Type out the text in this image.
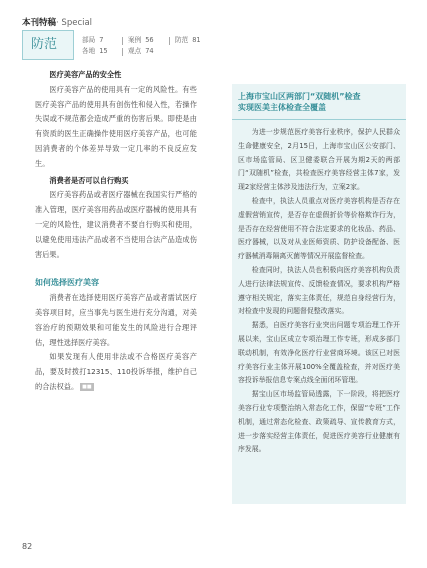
本刊特稿· Special
防范	部局 7	案例 56	防范 81
各地 15	观点 74
医疗美容产品的安全性

医疗美容产品的使用具有一定的风险性。有些医疗美容产品的使用具有创伤性和侵入性，若操作失误或不规范都会造成严重的伤害后果。即使是由有资质的医生正确操作使用医疗美容产品，也可能因消费者的个体差异导致一定几率的不良反应发生。

消费者是否可以自行购买

医疗美容药品或者医疗器械在我国实行严格的准入管理，医疗美容用药品或医疗器械的使用具有一定的风险性，建议消费者不要自行购买和使用，以避免使用违法产品或者不当使用合法产品造成伤害后果。

如何选择医疗美容

消费者在选择使用医疗美容产品或者需试医疗美容项目时，应当事先与医生进行充分沟通，对美容治疗的预期效果和可能发生的风险进行合理评估，理性选择医疗美容。

如果发现有人使用非法或不合格医疗美容产品，要及时拨打12315、110投诉举报，维护自己的合法权益。 ■■

上海市宝山区两部门“双随机”检查
实现医美主体检查全覆盖

为进一步规范医疗美容行业秩序，保护人民群众生命健康安全，2月15日，上海市宝山区公安部门、区市场监管局、区卫健委联合开展为期2天的两部门“双随机”检查，共检查医疗美容经营主体7家，发现2家经营主体涉及违法行为，立案2家。

检查中，执法人员重点对医疗美容机构是否存在虚假营销宣传，是否存在虚假折价等价格欺诈行为，是否存在经营使用不符合法定要求的化妆品、药品、医疗器械，以及对从业医师资质、防护设备配备、医疗器械消毒隔离灭菌等情况开展监督检查。

检查同时，执法人员也积极向医疗美容机构负责人进行法律法规宣传、反馈检查情况，要求机构严格遵守相关规定，落实主体责任，规范自身经营行为，对检查中发现的问题督促整改落实。

据悉，自医疗美容行业突出问题专项治理工作开展以来，宝山区成立专项治理工作专班，形成多部门联动机制，有效净化医疗行业营商环境。该区已对医疗美容行业主体开展100%全覆盖检查，并对医疗美容投诉举报信息专案点线全面闭环管理。

据宝山区市场监管局透露，下一阶段，将把医疗美容行业专项整治纳入常态化工作，保留“专班”工作机制，通过常态化检查、政策疏导、宣传教育方式，进一步落实经营主体责任，促进医疗美容行业健康有序发展。

82
